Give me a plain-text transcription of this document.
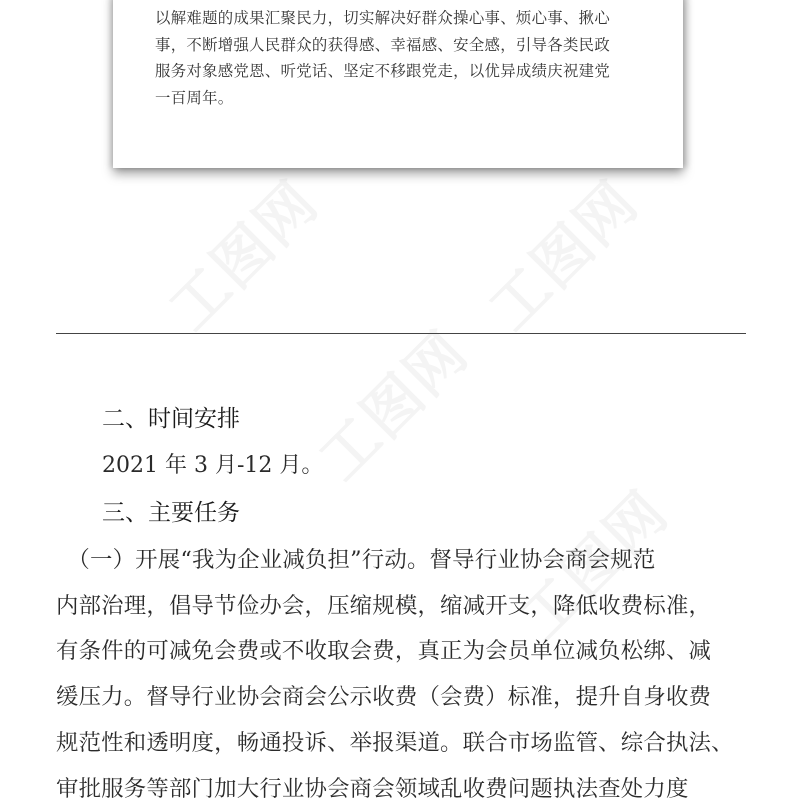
工图网 工图网
工图网
工图网
以解难题的成果汇聚民力，切实解决好群众操心事、烦心事、揪心
事，不断增强人民群众的获得感、幸福感、安全感，引导各类民政
服务对象感党恩、听党话、坚定不移跟党走，以优异成绩庆祝建党
一百周年。
二、时间安排
2021 年 3 月-12 月。
三、主要任务
　（一）开展“我为企业减负担”行动。督导行业协会商会规范
内部治理，倡导节俭办会，压缩规模，缩减开支，降低收费标准，
有条件的可减免会费或不收取会费，真正为会员单位减负松绑、减
缓压力。督导行业协会商会公示收费（会费）标准，提升自身收费
规范性和透明度，畅通投诉、举报渠道。联合市场监管、综合执法、
审批服务等部门加大行业协会商会领域乱收费问题执法查处力度
